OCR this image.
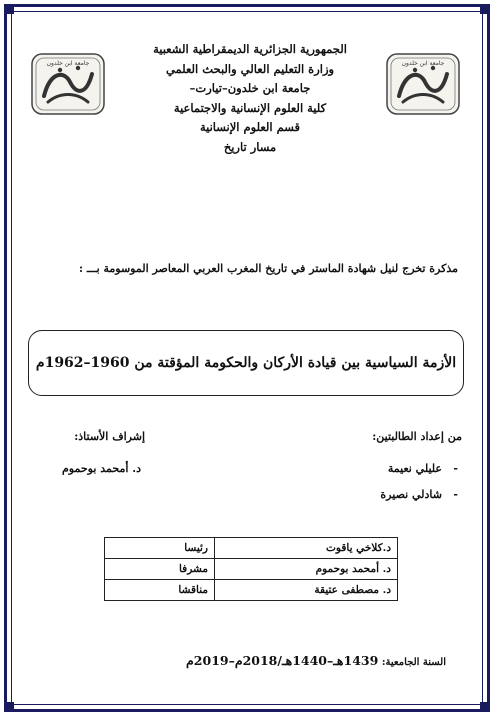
جامعة ابن خلدون	جامعة ابن خلدون
الجمهورية الجزائرية الديمقراطية الشعبية
وزارة التعليم العالي والبحث العلمي
جامعة ابن خلدون–تيارت–
كلية العلوم الإنسانية والاجتماعية
قسم العلوم الإنسانية
مسار تاريخ
مذكرة تخرج لنيل شهادة الماستر في تاريخ المغرب العربي المعاصر الموسومة بـــ :
الأزمة السياسية بين قيادة الأركان والحكومة المؤقتة من 1960–1962م
من إعداد الطالبتين:
إشراف الأستاذ:
-
عليلي نعيمة
-
شادلي نصيرة
د. أمحمد بوحموم
د.كلاخي ياقوت	رئيسا
د. أمحمد بوحموم	مشرفا
د. مصطفى عتيقة	مناقشا
السنة الجامعية: 1439هـ–1440هـ/2018م–2019م
